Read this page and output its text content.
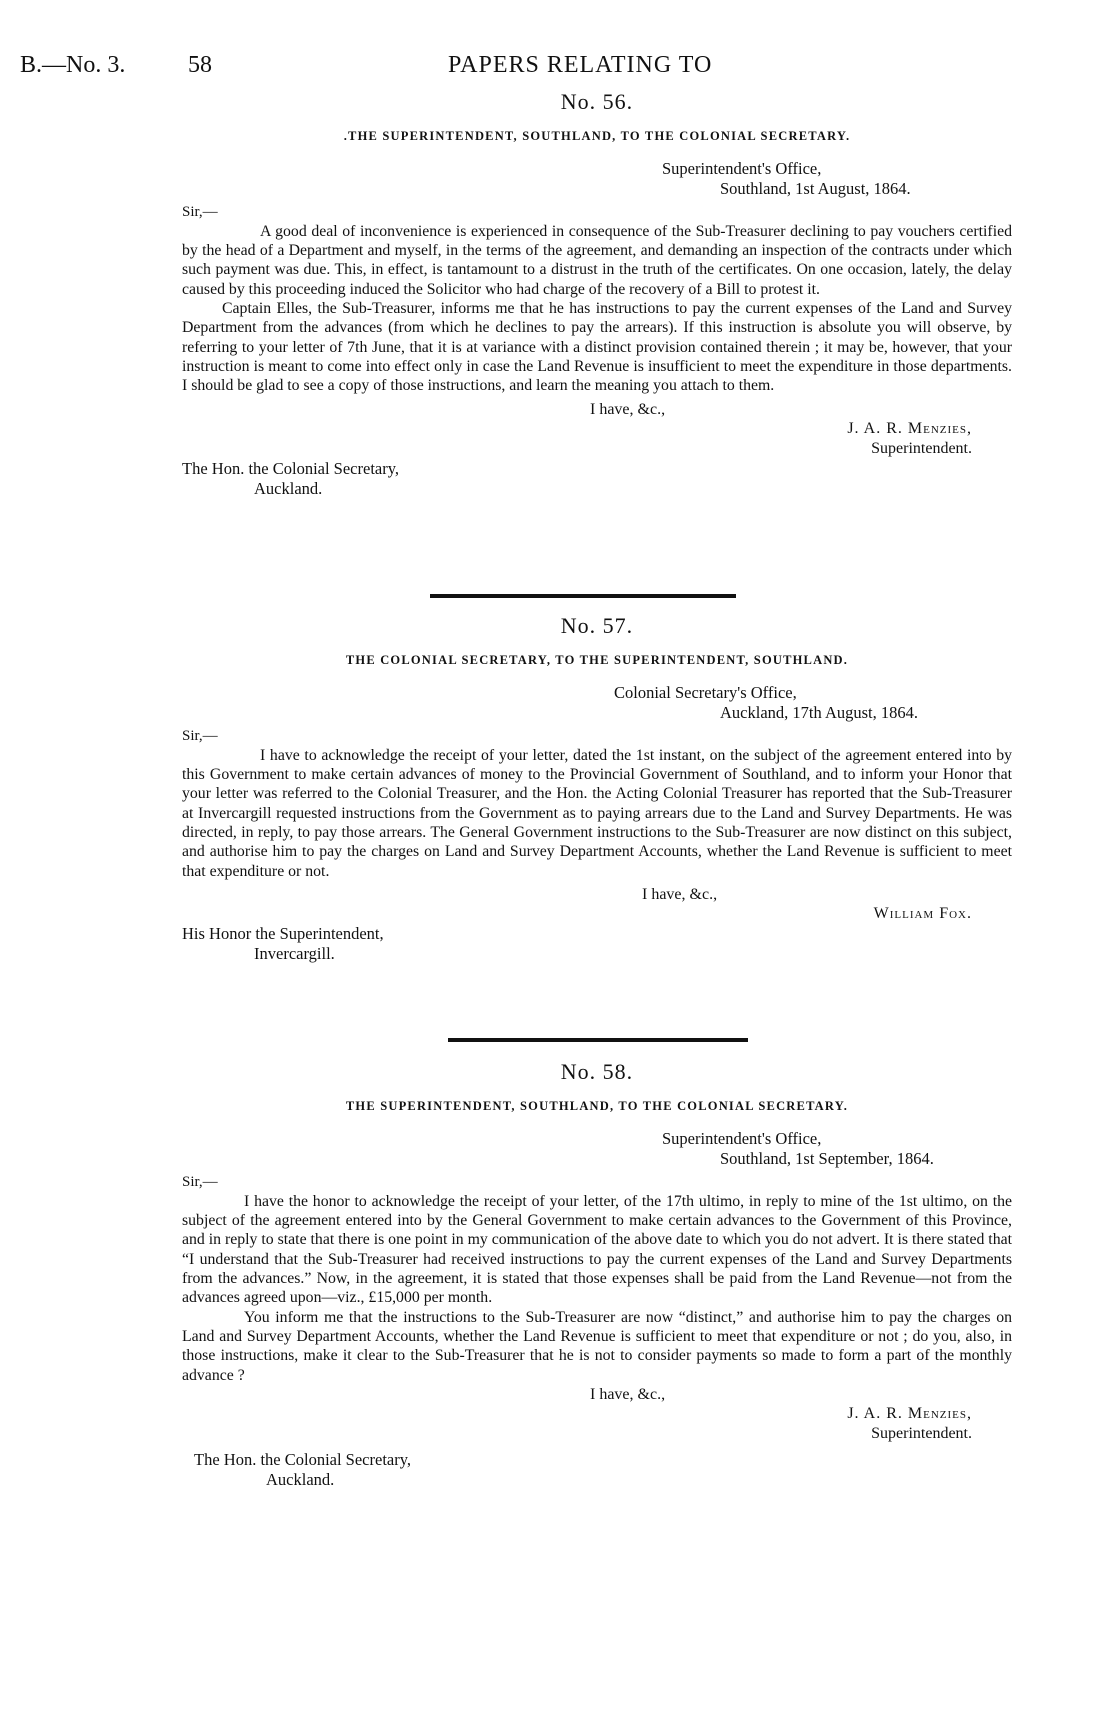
B.—No. 3.	58	PAPERS RELATING TO
No. 56.
.THE SUPERINTENDENT, SOUTHLAND, TO THE COLONIAL SECRETARY.
Superintendent's Office,
Southland, 1st August, 1864.
Sir,—

A good deal of inconvenience is experienced in consequence of the Sub-Treasurer declining to pay vouchers certified by the head of a Department and myself, in the terms of the agreement, and demanding an inspection of the contracts under which such payment was due. This, in effect, is tantamount to a distrust in the truth of the certificates. On one occasion, lately, the delay caused by this proceeding induced the Solicitor who had charge of the recovery of a Bill to protest it.

Captain Elles, the Sub-Treasurer, informs me that he has instructions to pay the current expenses of the Land and Survey Department from the advances (from which he declines to pay the arrears). If this instruction is absolute you will observe, by referring to your letter of 7th June, that it is at variance with a distinct provision contained therein ; it may be, however, that your instruction is meant to come into effect only in case the Land Revenue is insufficient to meet the expenditure in those departments. I should be glad to see a copy of those instructions, and learn the meaning you attach to them.

I have, &c.,
J. A. R. Menzies,
Superintendent.
The Hon. the Colonial Secretary,
Auckland.
No. 57.
THE COLONIAL SECRETARY, TO THE SUPERINTENDENT, SOUTHLAND.
Colonial Secretary's Office,
Auckland, 17th August, 1864.
Sir,—

I have to acknowledge the receipt of your letter, dated the 1st instant, on the subject of the agreement entered into by this Government to make certain advances of money to the Provincial Government of Southland, and to inform your Honor that your letter was referred to the Colonial Treasurer, and the Hon. the Acting Colonial Treasurer has reported that the Sub-Treasurer at Invercargill requested instructions from the Government as to paying arrears due to the Land and Survey Departments. He was directed, in reply, to pay those arrears. The General Government instructions to the Sub-Treasurer are now distinct on this subject, and authorise him to pay the charges on Land and Survey Department Accounts, whether the Land Revenue is sufficient to meet that expenditure or not.

I have, &c.,
William Fox.
His Honor the Superintendent,
Invercargill.
No. 58.
THE SUPERINTENDENT, SOUTHLAND, TO THE COLONIAL SECRETARY.
Superintendent's Office,
Southland, 1st September, 1864.
Sir,—

I have the honor to acknowledge the receipt of your letter, of the 17th ultimo, in reply to mine of the 1st ultimo, on the subject of the agreement entered into by the General Government to make certain advances to the Government of this Province, and in reply to state that there is one point in my communication of the above date to which you do not advert. It is there stated that “I understand that the Sub-Treasurer had received instructions to pay the current expenses of the Land and Survey Departments from the advances.” Now, in the agreement, it is stated that those expenses shall be paid from the Land Revenue—not from the advances agreed upon—viz., £15,000 per month.

You inform me that the instructions to the Sub-Treasurer are now “distinct,” and authorise him to pay the charges on Land and Survey Department Accounts, whether the Land Revenue is sufficient to meet that expenditure or not ; do you, also, in those instructions, make it clear to the Sub-Treasurer that he is not to consider payments so made to form a part of the monthly advance ?

I have, &c.,
J. A. R. Menzies,
Superintendent.
The Hon. the Colonial Secretary,
Auckland.
